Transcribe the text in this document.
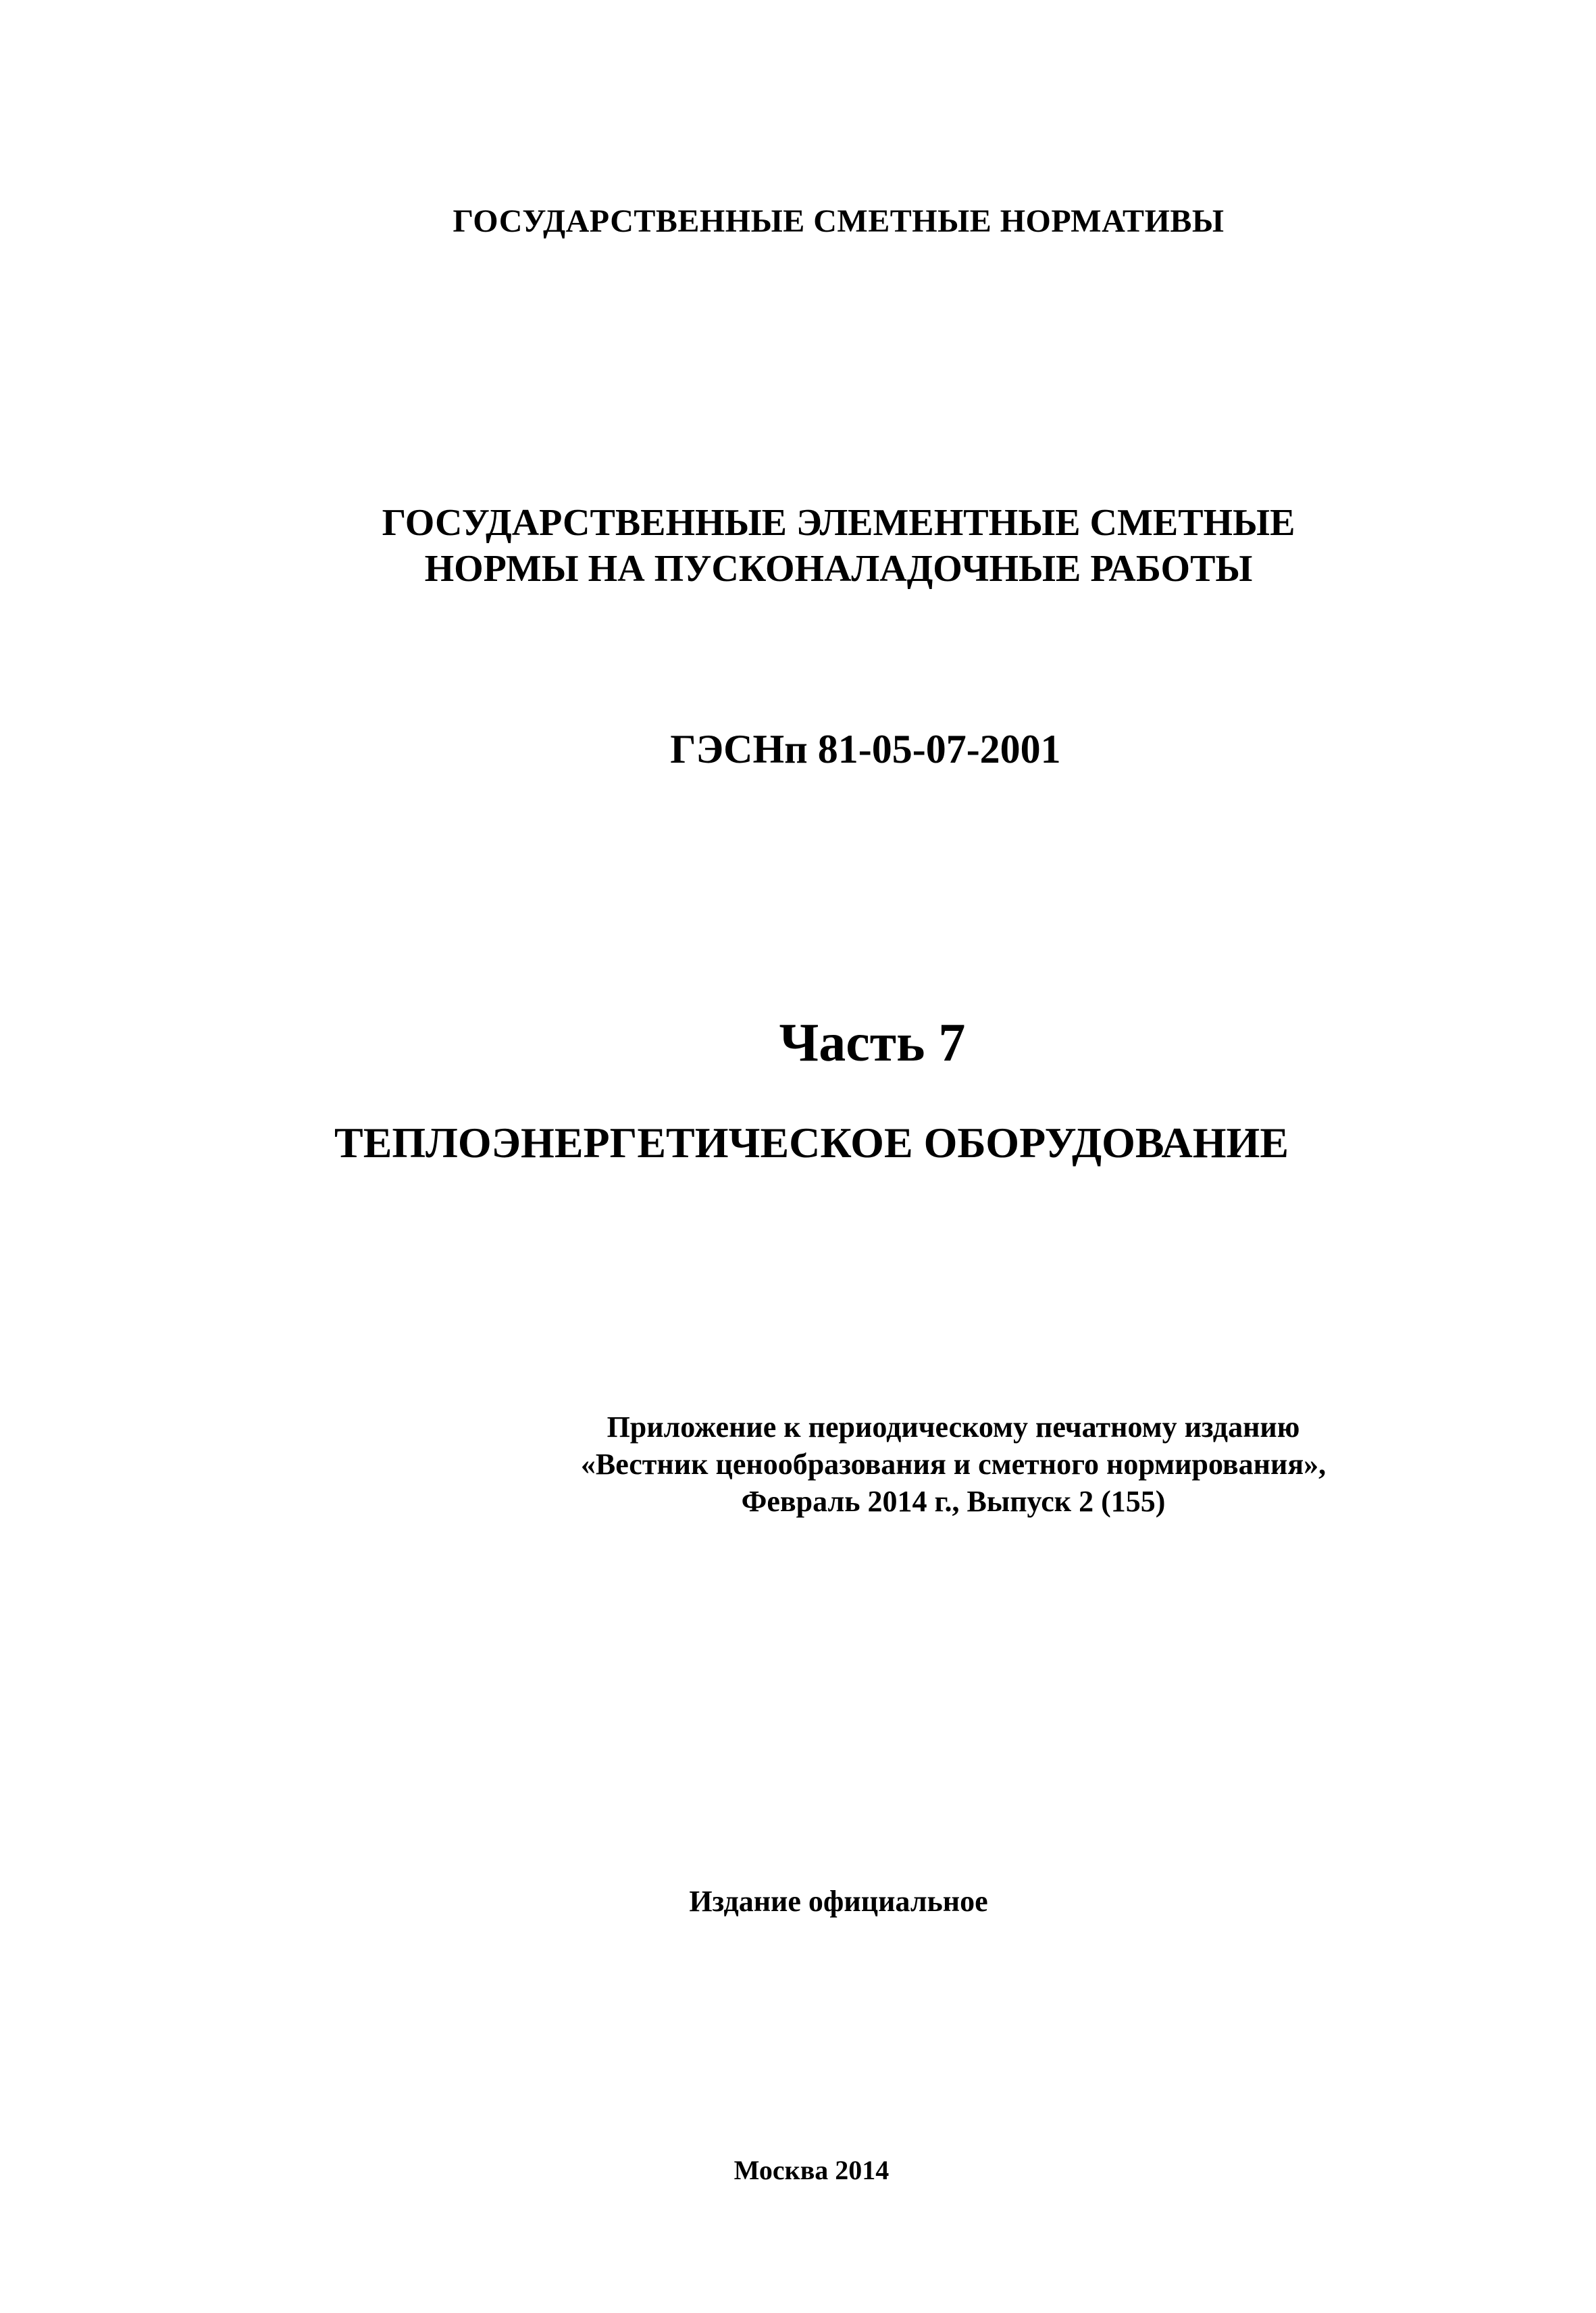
ГОСУДАРСТВЕННЫЕ СМЕТНЫЕ НОРМАТИВЫ
ГОСУДАРСТВЕННЫЕ ЭЛЕМЕНТНЫЕ СМЕТНЫЕ
НОРМЫ НА ПУСКОНАЛАДОЧНЫЕ РАБОТЫ
ГЭСНп 81-05-07-2001
Часть 7
ТЕПЛОЭНЕРГЕТИЧЕСКОЕ ОБОРУДОВАНИЕ
Приложение к периодическому печатному изданию
«Вестник ценообразования и сметного нормирования»,
Февраль 2014 г., Выпуск 2 (155)
Издание официальное
Москва 2014
